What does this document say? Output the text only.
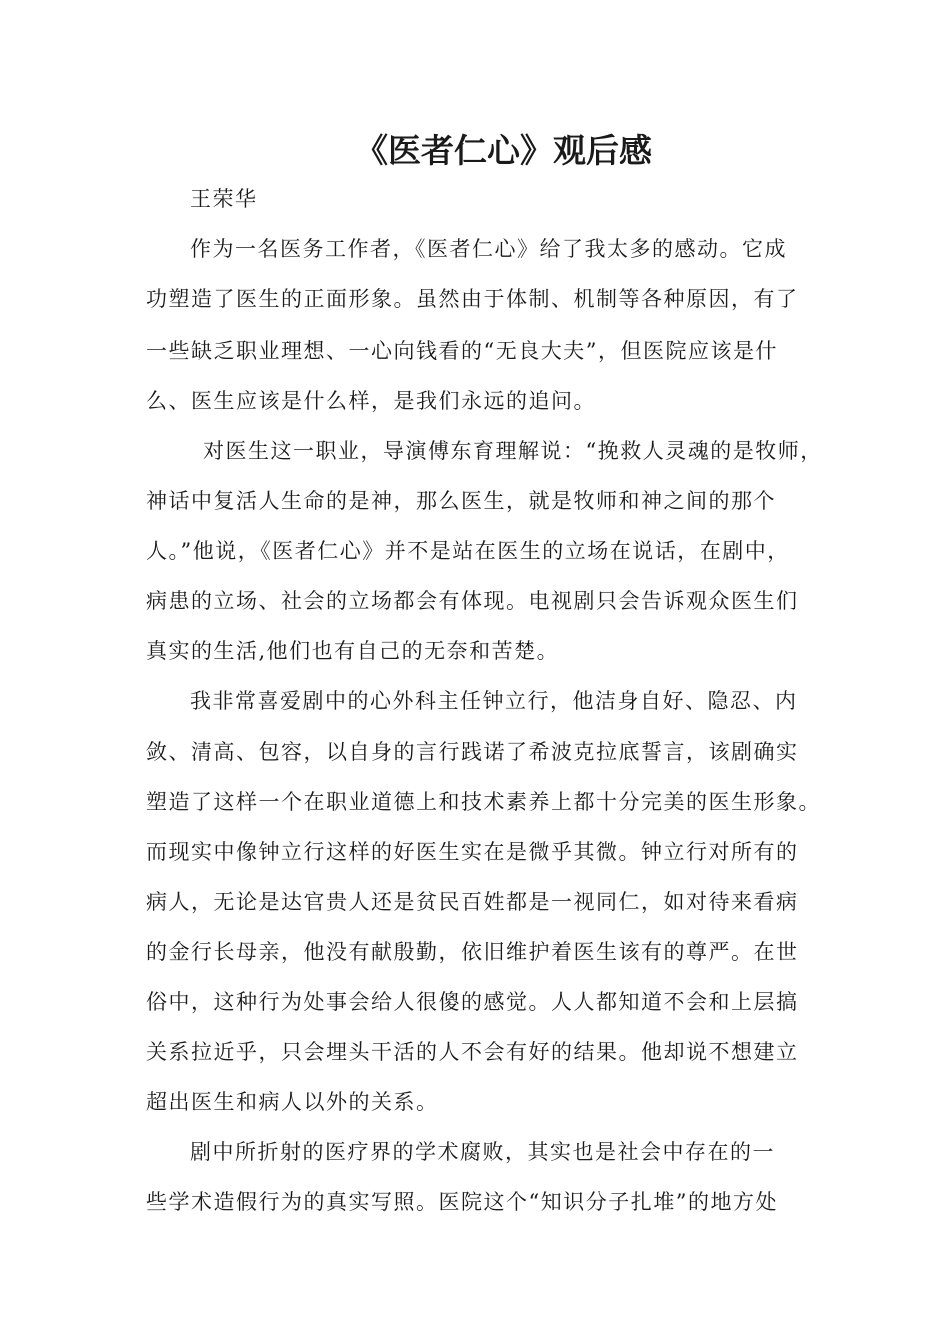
《医者仁心》观后感
王荣华
作为一名医务工作者，《医者仁心》给了我太多的感动。它成
功塑造了医生的正面形象。虽然由于体制、机制等各种原因，有了
一些缺乏职业理想、一心向钱看的“无良大夫”，但医院应该是什
么、医生应该是什么样，是我们永远的追问。
对医生这一职业，导演傅东育理解说：“挽救人灵魂的是牧师，
神话中复活人生命的是神，那么医生，就是牧师和神之间的那个
人。”他说，《医者仁心》并不是站在医生的立场在说话，在剧中，
病患的立场、社会的立场都会有体现。电视剧只会告诉观众医生们
真实的生活,他们也有自己的无奈和苦楚。
我非常喜爱剧中的心外科主任钟立行，他洁身自好、隐忍、内
敛、清高、包容，以自身的言行践诺了希波克拉底誓言，该剧确实
塑造了这样一个在职业道德上和技术素养上都十分完美的医生形象。
而现实中像钟立行这样的好医生实在是微乎其微。钟立行对所有的
病人，无论是达官贵人还是贫民百姓都是一视同仁，如对待来看病
的金行长母亲，他没有献殷勤，依旧维护着医生该有的尊严。在世
俗中，这种行为处事会给人很傻的感觉。人人都知道不会和上层搞
关系拉近乎，只会埋头干活的人不会有好的结果。他却说不想建立
超出医生和病人以外的关系。
剧中所折射的医疗界的学术腐败，其实也是社会中存在的一
些学术造假行为的真实写照。医院这个“知识分子扎堆”的地方处
